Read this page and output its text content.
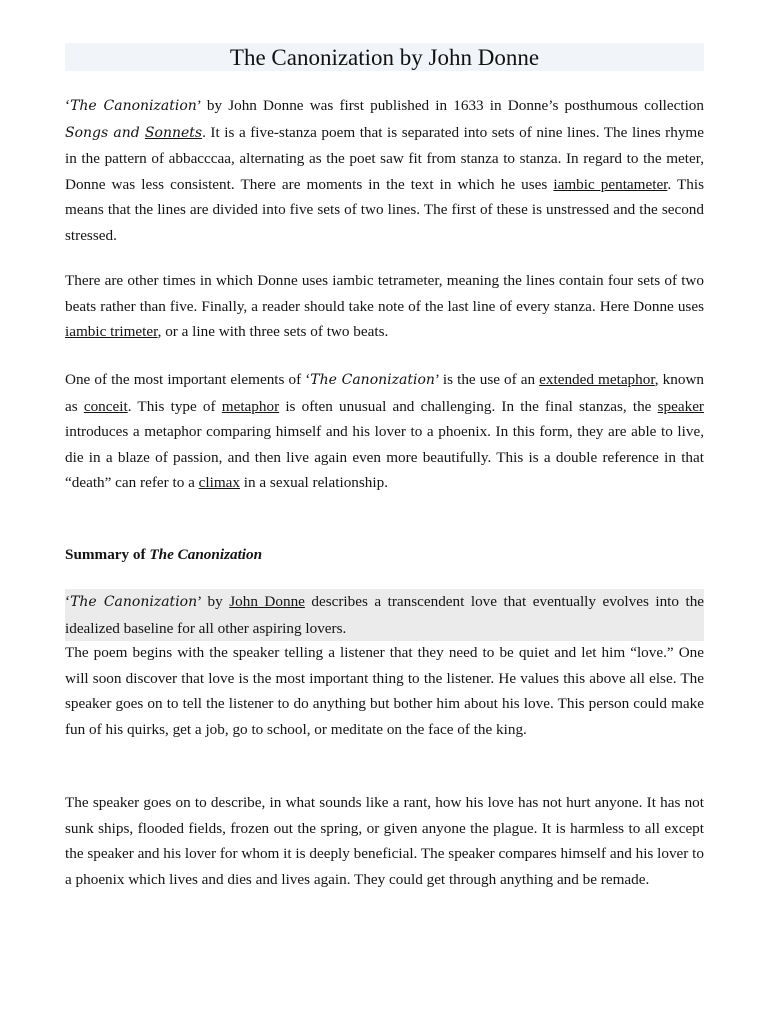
The Canonization by John Donne

‘The Canonization’ by John Donne was first published in 1633 in Donne’s posthumous collection Songs and Sonnets. It is a five-stanza poem that is separated into sets of nine lines. The lines rhyme in the pattern of abbacccaa, alternating as the poet saw fit from stanza to stanza. In regard to the meter, Donne was less consistent. There are moments in the text in which he uses iambic pentameter. This means that the lines are divided into five sets of two lines. The first of these is unstressed and the second stressed.

There are other times in which Donne uses iambic tetrameter, meaning the lines contain four sets of two beats rather than five. Finally, a reader should take note of the last line of every stanza. Here Donne uses iambic trimeter, or a line with three sets of two beats.

One of the most important elements of ‘The Canonization’ is the use of an extended metaphor, known as conceit. This type of metaphor is often unusual and challenging. In the final stanzas, the speaker introduces a metaphor comparing himself and his lover to a phoenix. In this form, they are able to live, die in a blaze of passion, and then live again even more beautifully. This is a double reference in that “death” can refer to a climax in a sexual relationship.

Summary of The Canonization

‘The Canonization’ by John Donne describes a transcendent love that eventually evolves into the idealized baseline for all other aspiring lovers.

The poem begins with the speaker telling a listener that they need to be quiet and let him “love.” One will soon discover that love is the most important thing to the listener. He values this above all else. The speaker goes on to tell the listener to do anything but bother him about his love. This person could make fun of his quirks, get a job, go to school, or meditate on the face of the king.

The speaker goes on to describe, in what sounds like a rant, how his love has not hurt anyone. It has not sunk ships, flooded fields, frozen out the spring, or given anyone the plague. It is harmless to all except the speaker and his lover for whom it is deeply beneficial. The speaker compares himself and his lover to a phoenix which lives and dies and lives again. They could get through anything and be remade.
